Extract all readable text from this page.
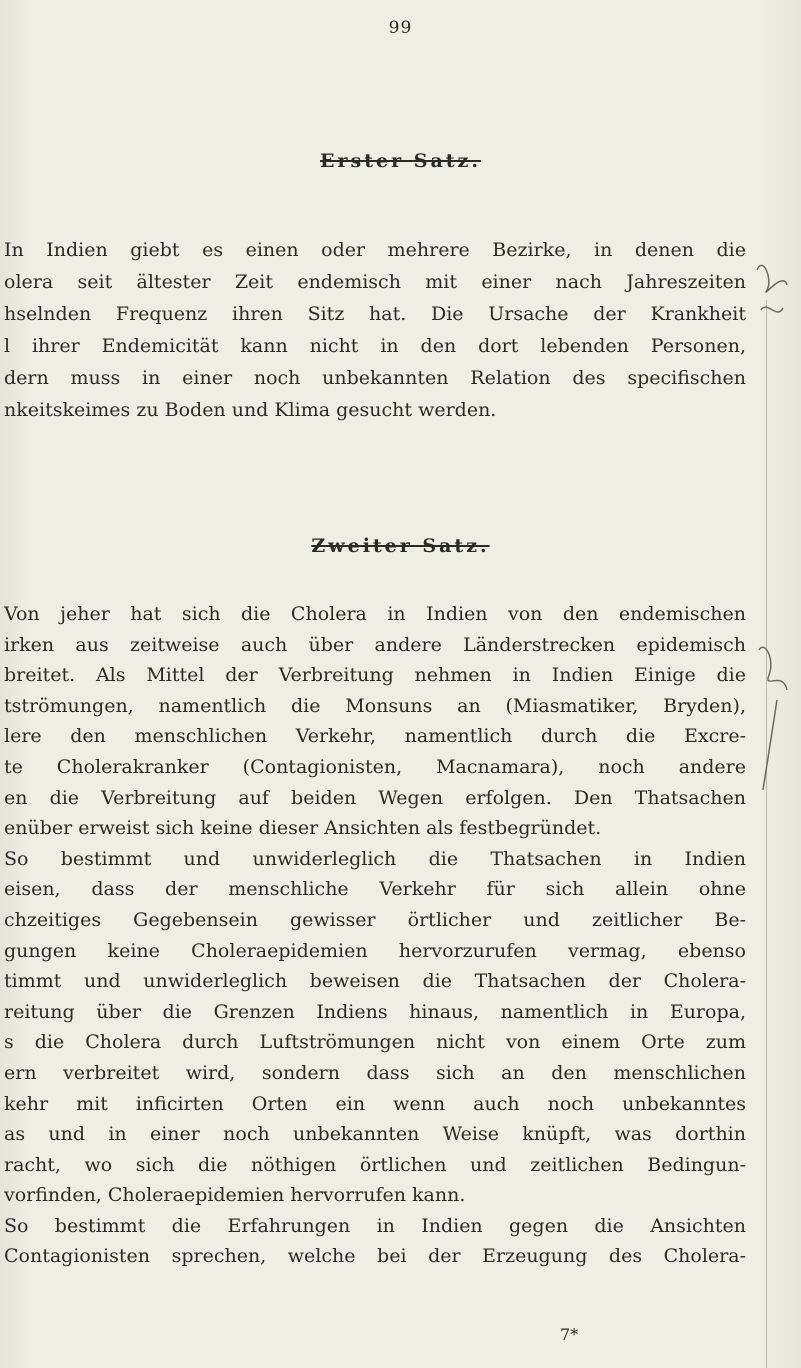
99
Erster Satz.
In Indien giebt es einen oder mehrere Bezirke, in denen die
olera seit ältester Zeit endemisch mit einer nach Jahreszeiten
hselnden Frequenz ihren Sitz hat. Die Ursache der Krankheit
l ihrer Endemicität kann nicht in den dort lebenden Personen,
dern muss in einer noch unbekannten Relation des specifischen
nkeitskeimes zu Boden und Klima gesucht werden.
Zweiter Satz.
Von jeher hat sich die Cholera in Indien von den endemischen
irken aus zeitweise auch über andere Länderstrecken epidemisch
breitet. Als Mittel der Verbreitung nehmen in Indien Einige die
tströmungen, namentlich die Monsuns an (Miasmatiker, Bryden),
lere den menschlichen Verkehr, namentlich durch die Excre-
te Cholerakranker (Contagionisten, Macnamara), noch andere
en die Verbreitung auf beiden Wegen erfolgen. Den Thatsachen
enüber erweist sich keine dieser Ansichten als festbegründet.
So bestimmt und unwiderleglich die Thatsachen in Indien
eisen, dass der menschliche Verkehr für sich allein ohne
chzeitiges Gegebensein gewisser örtlicher und zeitlicher Be-
gungen keine Choleraepidemien hervorzurufen vermag, ebenso
timmt und unwiderleglich beweisen die Thatsachen der Cholera-
reitung über die Grenzen Indiens hinaus, namentlich in Europa,
s die Cholera durch Luftströmungen nicht von einem Orte zum
ern verbreitet wird, sondern dass sich an den menschlichen
kehr mit inficirten Orten ein wenn auch noch unbekanntes
as und in einer noch unbekannten Weise knüpft, was dorthin
racht, wo sich die nöthigen örtlichen und zeitlichen Bedingun-
vorfinden, Choleraepidemien hervorrufen kann.
So bestimmt die Erfahrungen in Indien gegen die Ansichten
Contagionisten sprechen, welche bei der Erzeugung des Cholera-
7*
